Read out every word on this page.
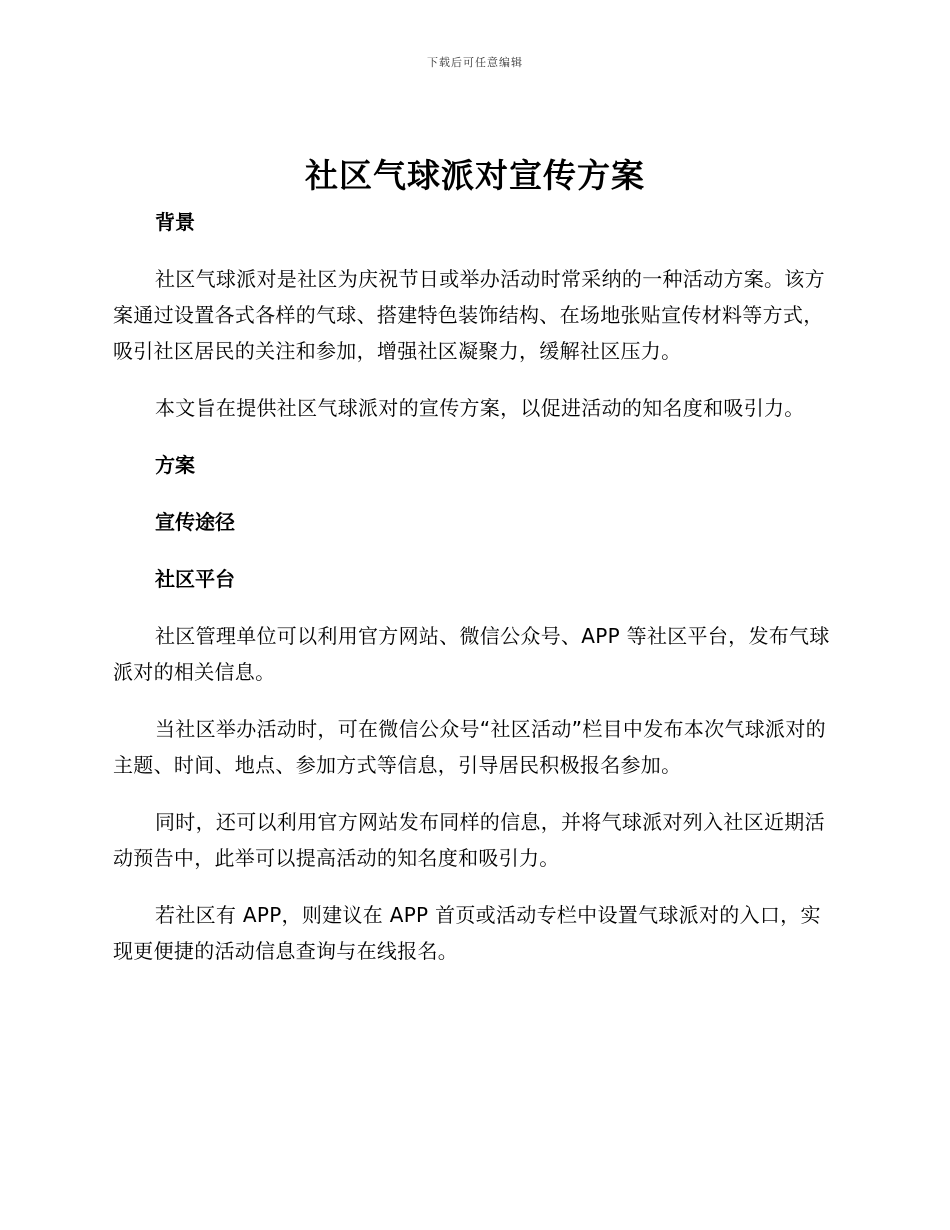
下载后可任意编辑
社区气球派对宣传方案
背景

社区气球派对是社区为庆祝节日或举办活动时常采纳的一种活动方案。该方案通过设置各式各样的气球、搭建特色装饰结构、在场地张贴宣传材料等方式，吸引社区居民的关注和参加，增强社区凝聚力，缓解社区压力。

本文旨在提供社区气球派对的宣传方案，以促进活动的知名度和吸引力。

方案
宣传途径
社区平台

社区管理单位可以利用官方网站、微信公众号、APP 等社区平台，发布气球派对的相关信息。

当社区举办活动时，可在微信公众号“社区活动”栏目中发布本次气球派对的主题、时间、地点、参加方式等信息，引导居民积极报名参加。

同时，还可以利用官方网站发布同样的信息，并将气球派对列入社区近期活动预告中，此举可以提高活动的知名度和吸引力。

若社区有 APP，则建议在 APP 首页或活动专栏中设置气球派对的入口，实现更便捷的活动信息查询与在线报名。
